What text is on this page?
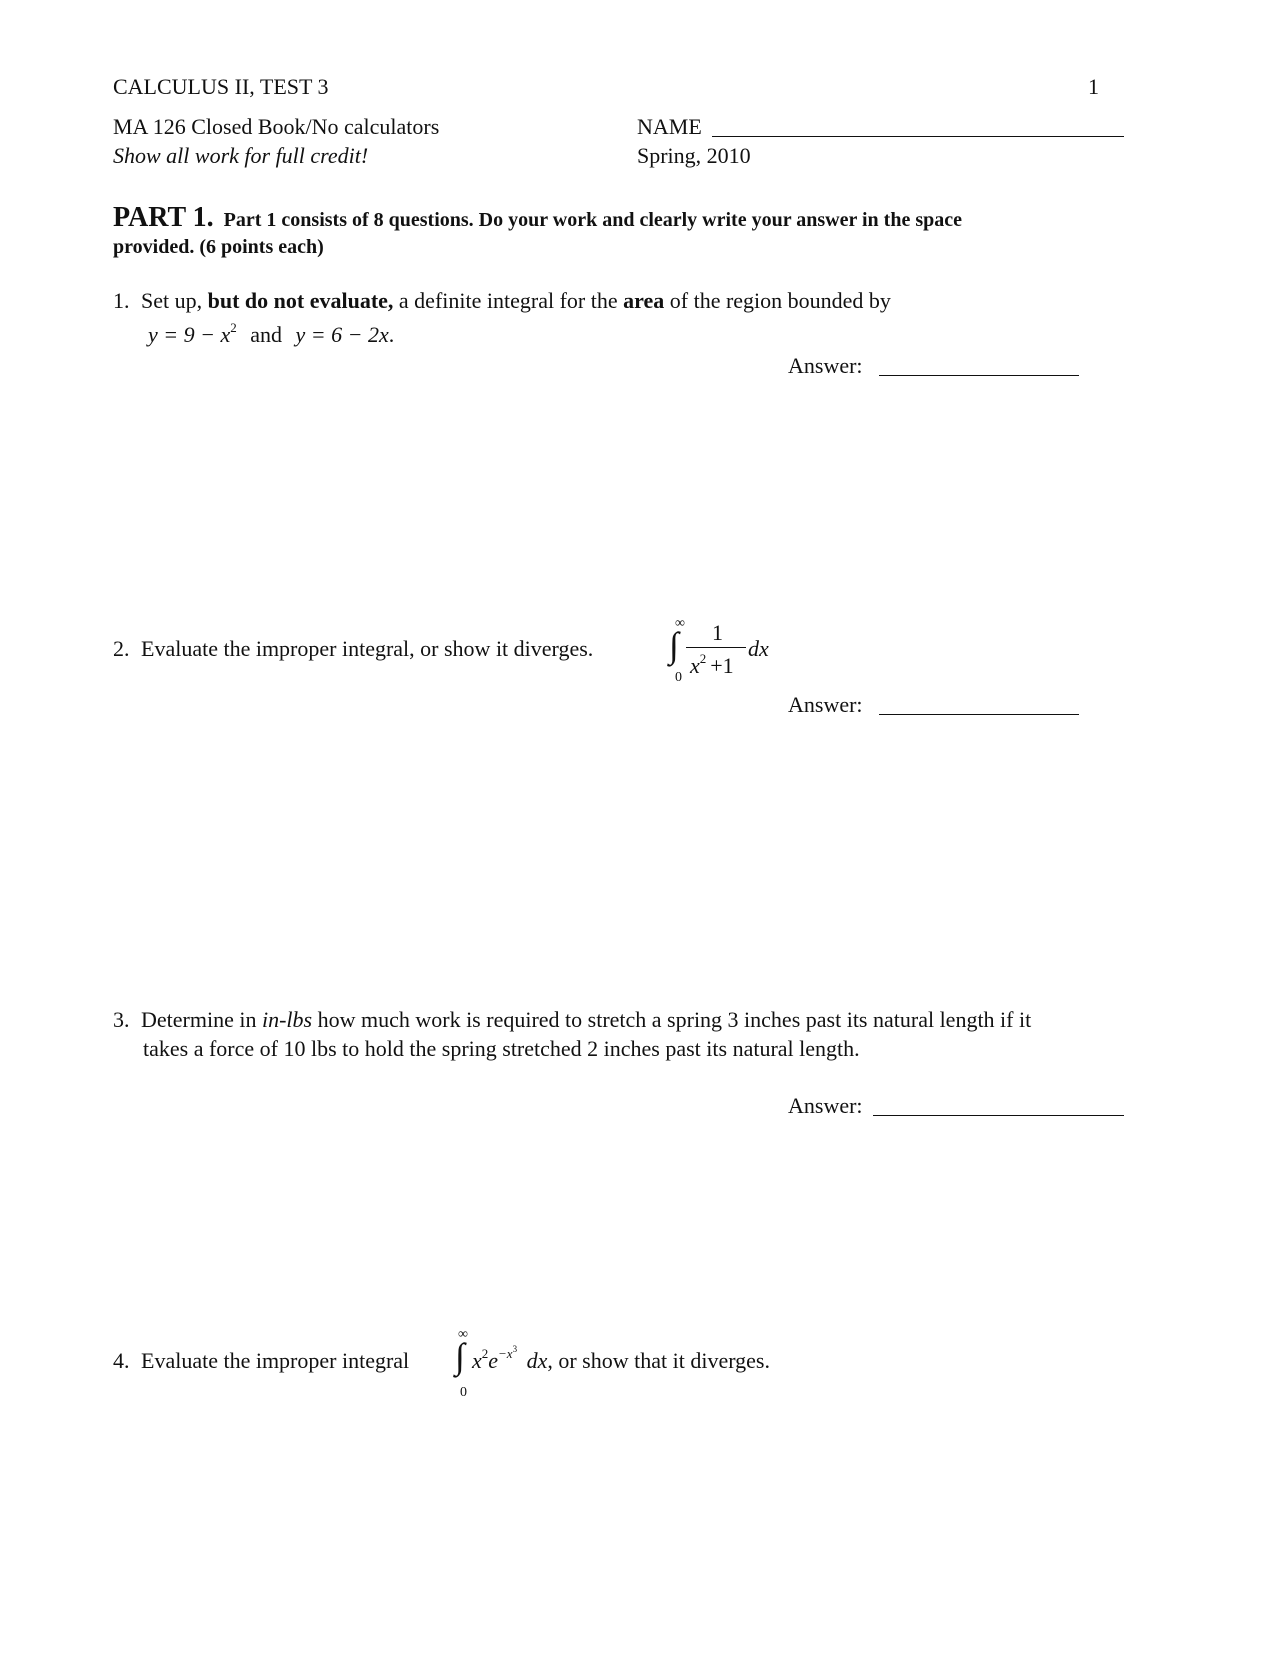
CALCULUS II, TEST 3	1
MA 126 Closed Book/No calculators	NAME
Show all work for full credit!	Spring, 2010
PART 1. Part 1 consists of 8 questions. Do your work and clearly write your answer in the space
provided. (6 points each)
1. Set up, but do not evaluate, a definite integral for the area of the region bounded by
$y = 9 - x^2$ and y = 6 − 2x.
Answer:
2. Evaluate the improper integral, or show it diverges. ∫
∞
0
1
$x^2 +1$
dx
Answer:
3. Determine in in-lbs how much work is required to stretch a spring 3 inches past its natural length if it
takes a force of 10 lbs to hold the spring stretched 2 inches past its natural length.
Answer:
4. Evaluate the improper integral ∫
∞
0
$x^2e^{-x3}$ dx, or show that it diverges.
